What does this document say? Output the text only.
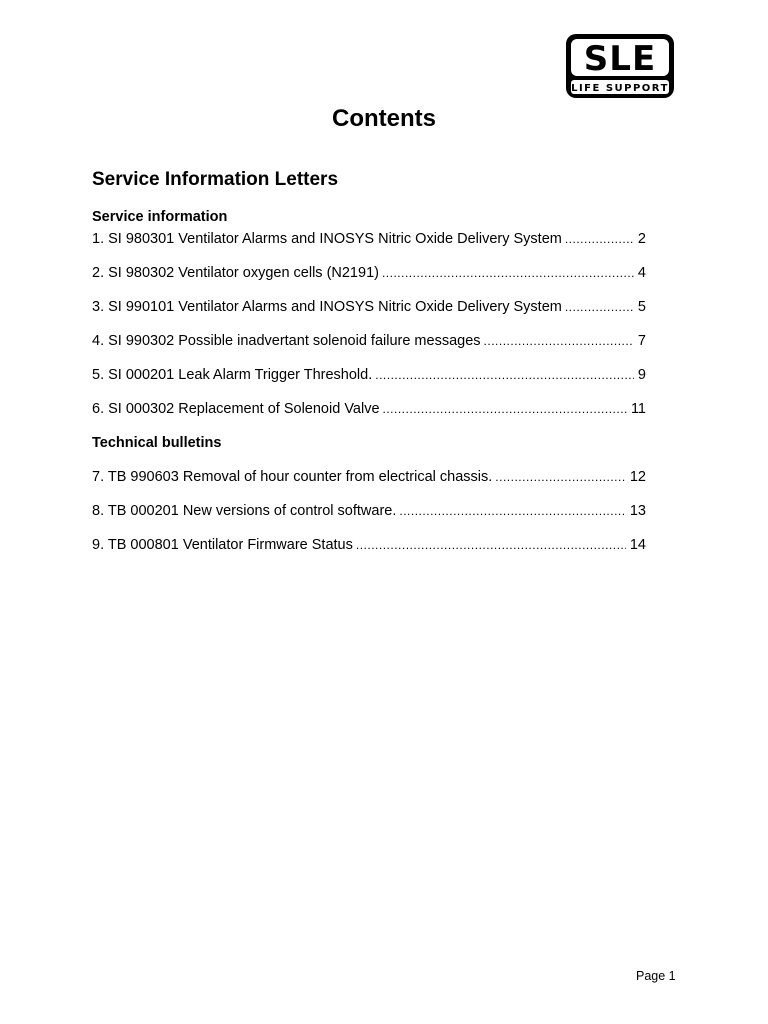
SLE
LIFE SUPPORT
Contents
Service Information Letters
Service information
1. SI 980301 Ventilator Alarms and INOSYS Nitric Oxide Delivery System .....	2
2. SI 980302 Ventilator oxygen cells (N2191) .....	4
3. SI 990101 Ventilator Alarms and INOSYS Nitric Oxide Delivery System .....	5
4. SI 990302 Possible inadvertant solenoid failure messages .....	7
5. SI 000201 Leak Alarm Trigger Threshold. .....	9
6. SI 000302 Replacement of Solenoid Valve .....	11
Technical bulletins
7. TB 990603 Removal of hour counter from electrical chassis. .....	12
8. TB 000201 New versions of control software. .....	13
9. TB 000801 Ventilator Firmware Status .....	14
Page 1
